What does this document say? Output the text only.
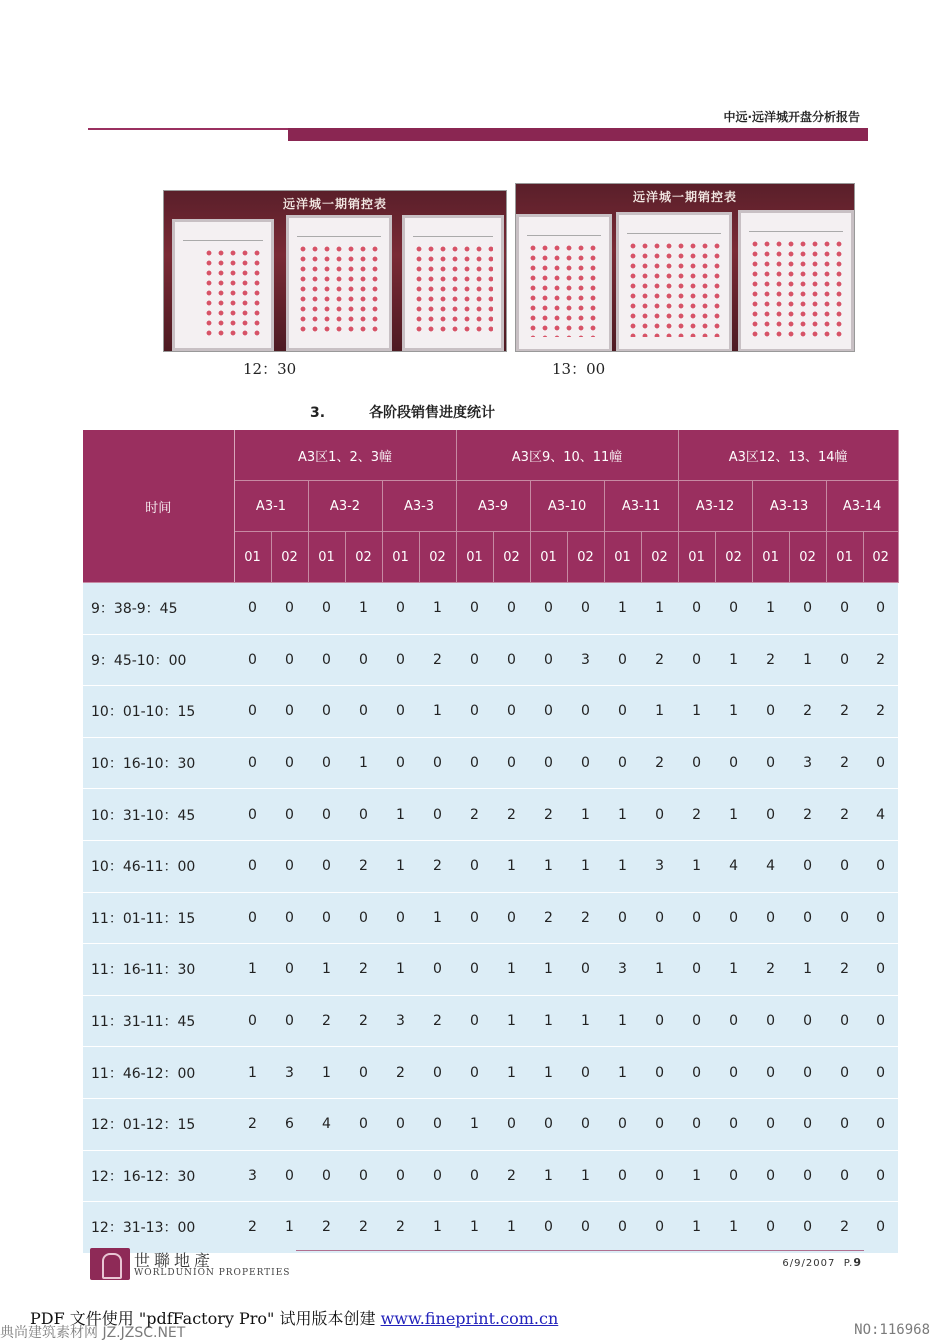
中远·远洋城开盘分析报告
远洋城一期销控表
12：30
远洋城一期销控表
13：00
3.	各阶段销售进度统计
时间	A3区1、2、3幢						A3区9、10、11幢						A3区12、13、14幢					
	A3-1		A3-2		A3-3		A3-9		A3-10		A3-11		A3-12		A3-13		A3-14	
	01	02	01	02	01	02	01	02	01	02	01	02	01	02	01	02	01	02
9：38-9：45	0	0	0	1	0	1	0	0	0	0	1	1	0	0	1	0	0	0
9：45-10：00	0	0	0	0	0	2	0	0	0	3	0	2	0	1	2	1	0	2
10：01-10：15	0	0	0	0	0	1	0	0	0	0	0	1	1	1	0	2	2	2
10：16-10：30	0	0	0	1	0	0	0	0	0	0	0	2	0	0	0	3	2	0
10：31-10：45	0	0	0	0	1	0	2	2	2	1	1	0	2	1	0	2	2	4
10：46-11：00	0	0	0	2	1	2	0	1	1	1	1	3	1	4	4	0	0	0
11：01-11：15	0	0	0	0	0	1	0	0	2	2	0	0	0	0	0	0	0	0
11：16-11：30	1	0	1	2	1	0	0	1	1	0	3	1	0	1	2	1	2	0
11：31-11：45	0	0	2	2	3	2	0	1	1	1	1	0	0	0	0	0	0	0
11：46-12：00	1	3	1	0	2	0	0	1	1	0	1	0	0	0	0	0	0	0
12：01-12：15	2	6	4	0	0	0	1	0	0	0	0	0	0	0	0	0	0	0
12：16-12：30	3	0	0	0	0	0	0	2	1	1	0	0	1	0	0	0	0	0
12：31-13：00	2	1	2	2	2	1	1	1	0	0	0	0	1	1	0	0	2	0
世聯地產
WORLDUNION PROPERTIES
6/9/2007 P.9
PDF 文件使用 "pdfFactory Pro" 试用版本创建 www.fineprint.com.cn
典尚建筑素材网 JZ.JZSC.NET	NO:116968
